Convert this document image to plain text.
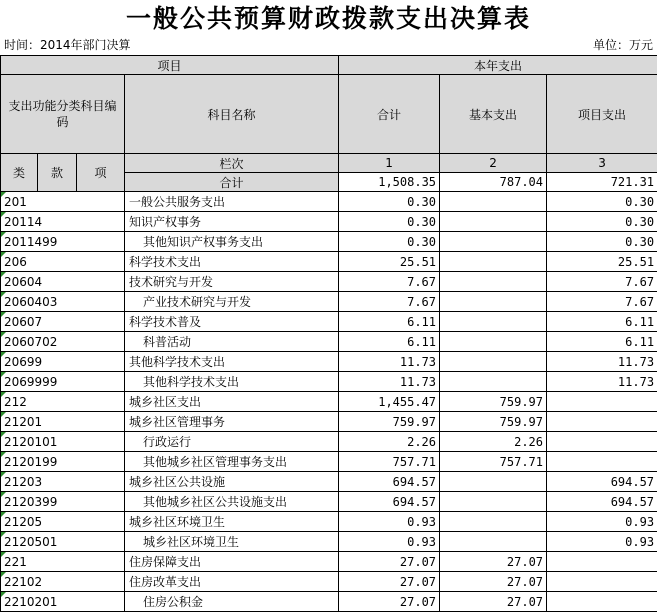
一般公共预算财政拨款支出决算表
时间：2014年部门决算	单位：万元
项目				本年支出		
支出功能分类科目编码			科目名称	合计	基本支出	项目支出
类	款	项	栏次	1	2	3
			合计	1,508.35	787.04	721.31
201			一般公共服务支出	0.30		0.30
20114			知识产权事务	0.30		0.30
2011499			其他知识产权事务支出	0.30		0.30
206			科学技术支出	25.51		25.51
20604			技术研究与开发	7.67		7.67
2060403			产业技术研究与开发	7.67		7.67
20607			科学技术普及	6.11		6.11
2060702			科普活动	6.11		6.11
20699			其他科学技术支出	11.73		11.73
2069999			其他科学技术支出	11.73		11.73
212			城乡社区支出	1,455.47	759.97	
21201			城乡社区管理事务	759.97	759.97	
2120101			行政运行	2.26	2.26	
2120199			其他城乡社区管理事务支出	757.71	757.71	
21203			城乡社区公共设施	694.57		694.57
2120399			其他城乡社区公共设施支出	694.57		694.57
21205			城乡社区环境卫生	0.93		0.93
2120501			城乡社区环境卫生	0.93		0.93
221			住房保障支出	27.07	27.07	
22102			住房改革支出	27.07	27.07	
2210201			住房公积金	27.07	27.07	
